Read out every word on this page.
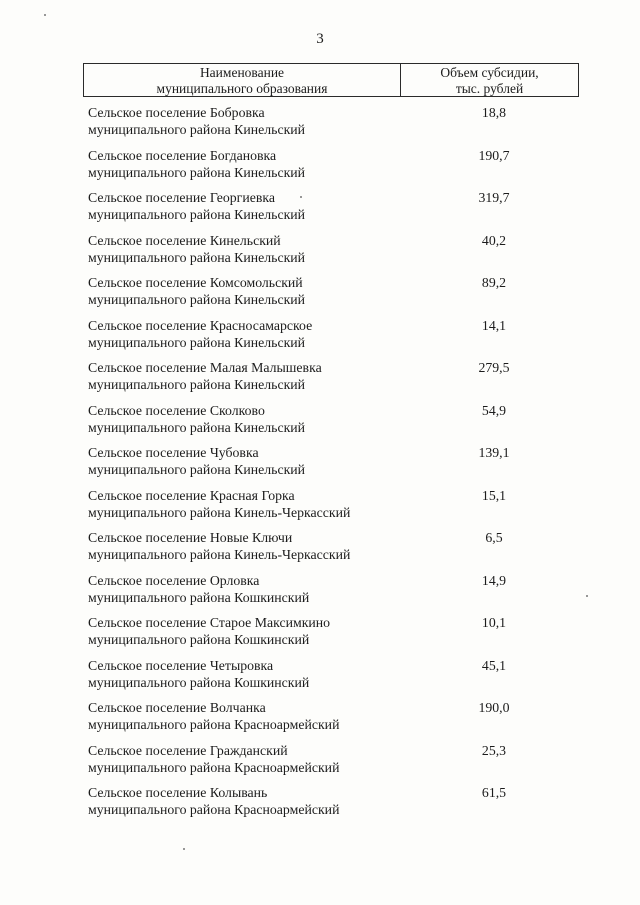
3
Наименование
муниципального образования
Объем субсидии,
тыс. рублей
Сельское поселение Бобровка
муниципального района Кинельский
18,8
Сельское поселение Богдановка
муниципального района Кинельский
190,7
Сельское поселение Георгиевка
муниципального района Кинельский
319,7
Сельское поселение Кинельский
муниципального района Кинельский
40,2
Сельское поселение Комсомольский
муниципального района Кинельский
89,2
Сельское поселение Красносамарское
муниципального района Кинельский
14,1
Сельское поселение Малая Малышевка
муниципального района Кинельский
279,5
Сельское поселение Сколково
муниципального района Кинельский
54,9
Сельское поселение Чубовка
муниципального района Кинельский
139,1
Сельское поселение Красная Горка
муниципального района Кинель-Черкасский
15,1
Сельское поселение Новые Ключи
муниципального района Кинель-Черкасский
6,5
Сельское поселение Орловка
муниципального района Кошкинский
14,9
Сельское поселение Старое Максимкино
муниципального района Кошкинский
10,1
Сельское поселение Четыровка
муниципального района Кошкинский
45,1
Сельское поселение Волчанка
муниципального района Красноармейский
190,0
Сельское поселение Гражданский
муниципального района Красноармейский
25,3
Сельское поселение Колывань
муниципального района Красноармейский
61,5
